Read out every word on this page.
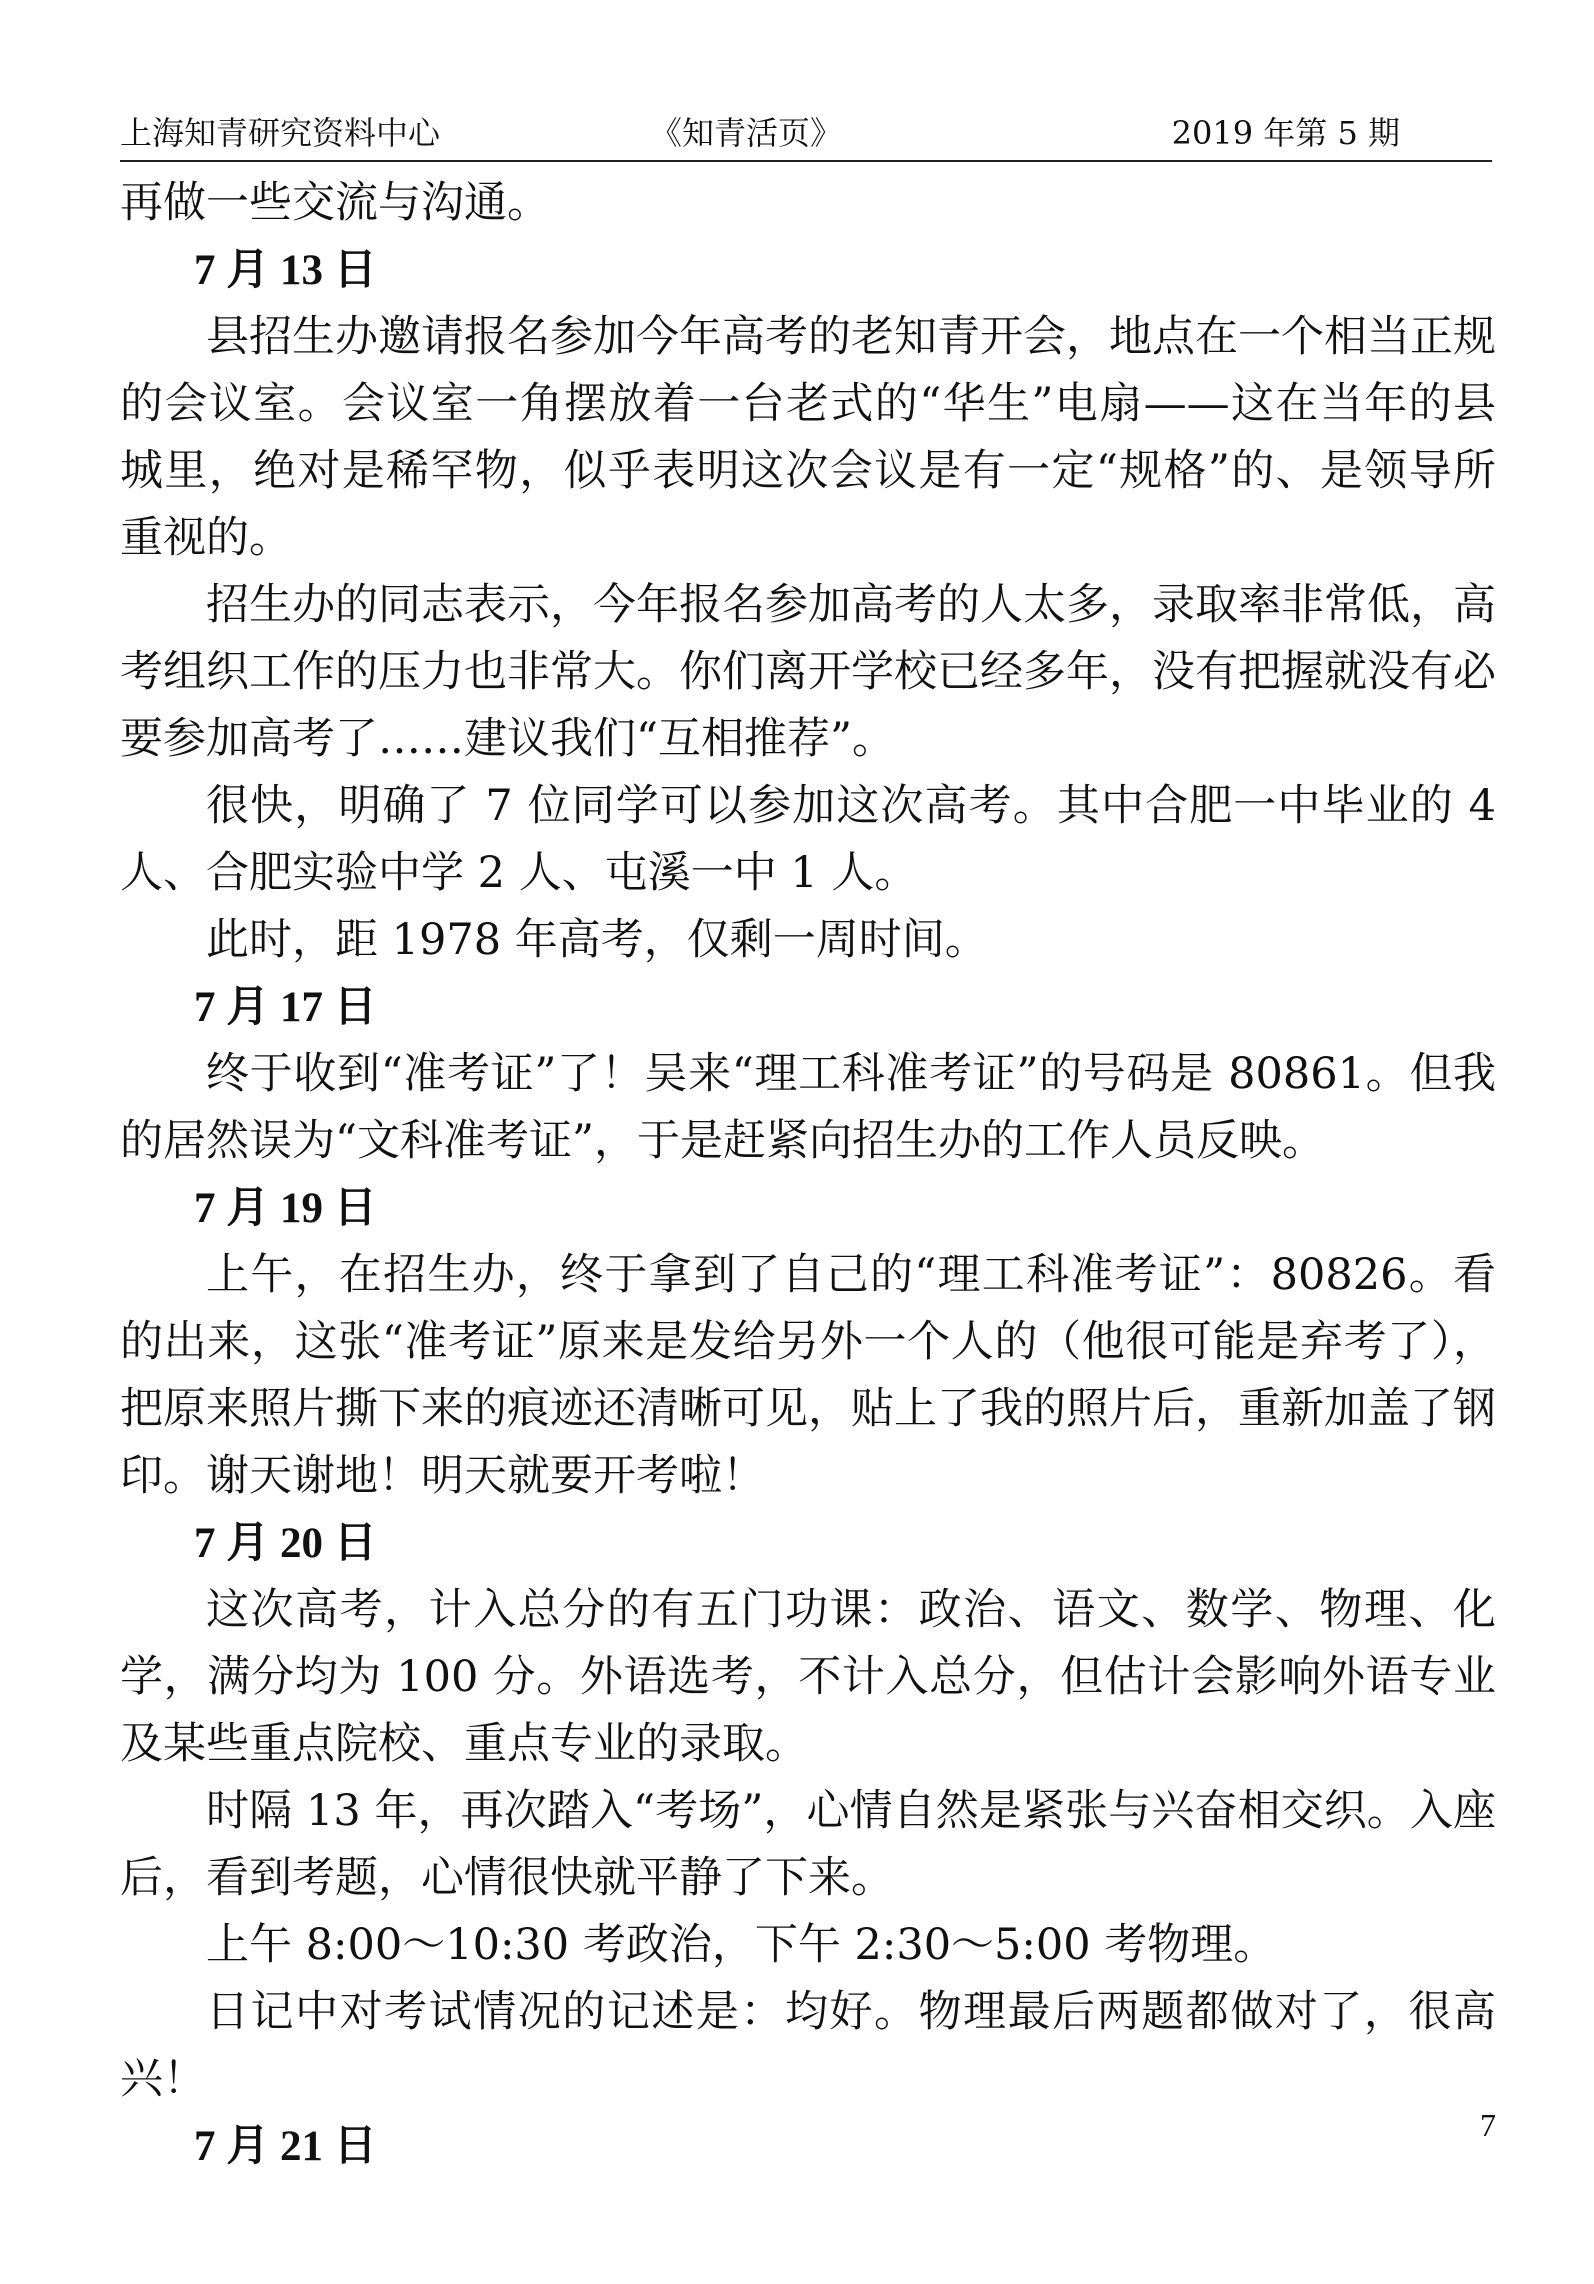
上海知青研究资料中心	《知青活页》	2019 年第 5 期

再做一些交流与沟通。

7 月 13 日

县招生办邀请报名参加今年高考的老知青开会，地点在一个相当正规的会议室。会议室一角摆放着一台老式的“华生”电扇——这在当年的县城里，绝对是稀罕物，似乎表明这次会议是有一定“规格”的、是领导所重视的。

招生办的同志表示，今年报名参加高考的人太多，录取率非常低，高考组织工作的压力也非常大。你们离开学校已经多年，没有把握就没有必要参加高考了……建议我们“互相推荐”。

很快，明确了 7 位同学可以参加这次高考。其中合肥一中毕业的 4 人、合肥实验中学 2 人、屯溪一中 1 人。

此时，距 1978 年高考，仅剩一周时间。

7 月 17 日

终于收到“准考证”了！吴来“理工科准考证”的号码是 80861。但我的居然误为“文科准考证”，于是赶紧向招生办的工作人员反映。

7 月 19 日

上午，在招生办，终于拿到了自己的“理工科准考证”：80826。看的出来，这张“准考证”原来是发给另外一个人的（他很可能是弃考了），把原来照片撕下来的痕迹还清晰可见，贴上了我的照片后，重新加盖了钢印。谢天谢地！明天就要开考啦！

7 月 20 日

这次高考，计入总分的有五门功课：政治、语文、数学、物理、化学，满分均为 100 分。外语选考，不计入总分，但估计会影响外语专业及某些重点院校、重点专业的录取。

时隔 13 年，再次踏入“考场”，心情自然是紧张与兴奋相交织。入座后，看到考题，心情很快就平静了下来。

上午 8:00～10:30 考政治，下午 2:30～5:00 考物理。

日记中对考试情况的记述是：均好。物理最后两题都做对了，很高兴！

7 月 21 日	7
